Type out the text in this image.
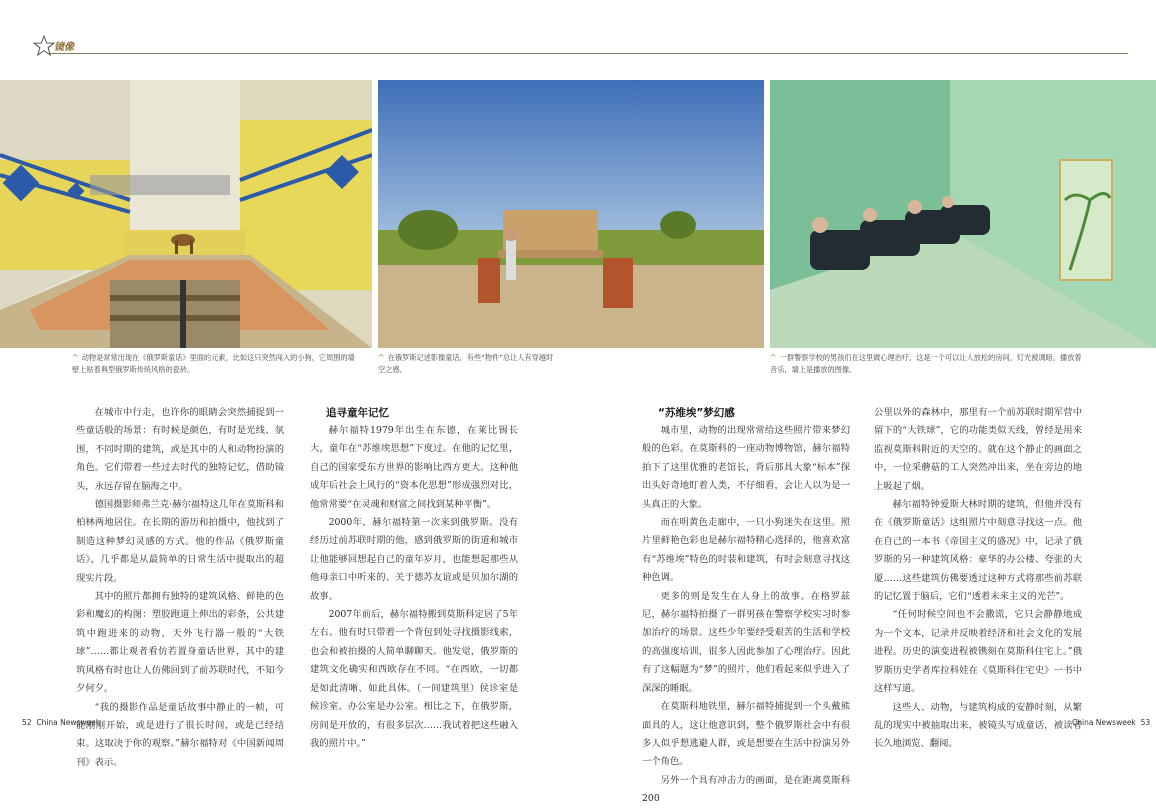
镜像
^ 动物是常常出现在《俄罗斯童话》里面的元素，比如这只突然闯入的小狗，它周围的墙壁上贴着典型俄罗斯传统风格的瓷砖。
^ 在俄罗斯记述影像童话，有些“物件”总让人有穿越时空之感。
^ 一群警察学校的男孩们在这里做心理治疗，这是一个可以让人放松的房间，灯光被调暗，播放着音乐，墙上是播放的图像。

在城市中行走，也许你的眼睛会突然捕捉到一些童话般的场景：有时候是颜色，有时是光线、氛围，不同时期的建筑，或是其中的人和动物扮演的角色。它们带着一些过去时代的独特记忆，借助镜头，永远存留在脑海之中。

德国摄影师弗兰克·赫尔福特这几年在莫斯科和柏林两地居住。在长期的游历和拍摄中，他找到了制造这种梦幻灵感的方式。他的作品《俄罗斯童话》，几乎都是从最简单的日常生活中提取出的超现实片段。

其中的照片都拥有独特的建筑风格、鲜艳的色彩和魔幻的构图：塑胶跑道上伸出的彩条，公共建筑中跑进来的动物，天外飞行器一般的“大铁球”……都让观者看仿若置身童话世界，其中的建筑风格有时也让人仿佛回到了前苏联时代，不知今夕何夕。

“我的摄影作品是童话故事中静止的一帧，可能刚刚开始，或是进行了很长时间，或是已经结束。这取决于你的观察。”赫尔福特对《中国新闻周刊》表示。

追寻童年记忆

赫尔福特1979年出生在东德，在莱比锡长大，童年在“苏维埃思想”下度过。在他的记忆里，自己的国家受东方世界的影响比西方更大。这种他成年后社会上风行的“资本化思想”形成强烈对比，他常常要“在灵魂和财富之间找到某种平衡”。

2000年，赫尔福特第一次来到俄罗斯。没有经历过前苏联时期的他，感到俄罗斯的街道和城市让他能够回想起自己的童年岁月，也能想起那些从他母亲口中听来的、关于德苏友谊或是贝加尔湖的故事。

2007年前后，赫尔福特搬到莫斯科定居了5年左右。他有时只带着一个背包到处寻找摄影线索，也会和被拍摄的人简单聊聊天。他发觉，俄罗斯的建筑文化确实和西欧存在不同。“在西欧，一切都是如此清晰、如此具体。（一间建筑里）侯诊室是候诊室、办公室是办公室。相比之下，在俄罗斯，房间是开放的，有很多层次……我试着把这些融入我的照片中。”

“苏维埃”梦幻感

城市里，动物的出现常常给这些照片带来梦幻般的色彩。在莫斯科的一座动物博物馆，赫尔福特拍下了这里优雅的老馆长，背后那具大象“标本”探出头好奇地盯着人类，不仔细看，会让人以为是一头真正的大象。

而在明黄色走廊中，一只小狗迷失在这里。照片里鲜艳色彩也是赫尔福特精心选择的，他喜欢富有“苏维埃”特色的时装和建筑，有时会刻意寻找这种色调。

更多的则是发生在人身上的故事。在格罗兹尼，赫尔福特拍摄了一群男孩在警察学校实习时参加治疗的场景。这些少年要经受艰苦的生活和学校的高强度培训，很多人因此参加了心理治疗。因此有了这幅题为“梦”的照片，他们看起来似乎进入了深深的睡眠。

在莫斯科地铁里，赫尔福特捕捉到一个头戴熊面具的人，这让他意识到，整个俄罗斯社会中有很多人似乎想逃避人群，或是想要在生活中扮演另外一个角色。

另外一个具有冲击力的画面，是在距离莫斯科200

公里以外的森林中，那里有一个前苏联时期军营中留下的“大铁球”，它的功能类似天线，曾经是用来监视莫斯科附近的天空的。就在这个静止的画面之中，一位采蘑菇的工人突然冲出来，坐在旁边的地上吸起了烟。

赫尔福特钟爱斯大林时期的建筑，但他并没有在《俄罗斯童话》这组照片中刻意寻找这一点。他在自己的一本书《帝国主义的盛况》中，记录了俄罗斯的另一种建筑风格：豪华的办公楼、夸张的大厦……这些建筑仿佛要透过这种方式将那些前苏联的记忆置于脑后，它们“透着未来主义的光芒”。

“任何时候空间也不会撒谎，它只会静静地成为一个文本，记录并反映着经济和社会文化的发展进程。历史的演变进程被镌刻在莫斯科住宅上。”俄罗斯历史学者库拉科娃在《莫斯科住宅史》一书中这样写道。

这些人、动物，与建筑构成的安静时刻，从繁乱的现实中被抽取出来，被镜头写成童话，被读者长久地浏览、翻阅。

52 China Newsweek	China Newsweek 53
